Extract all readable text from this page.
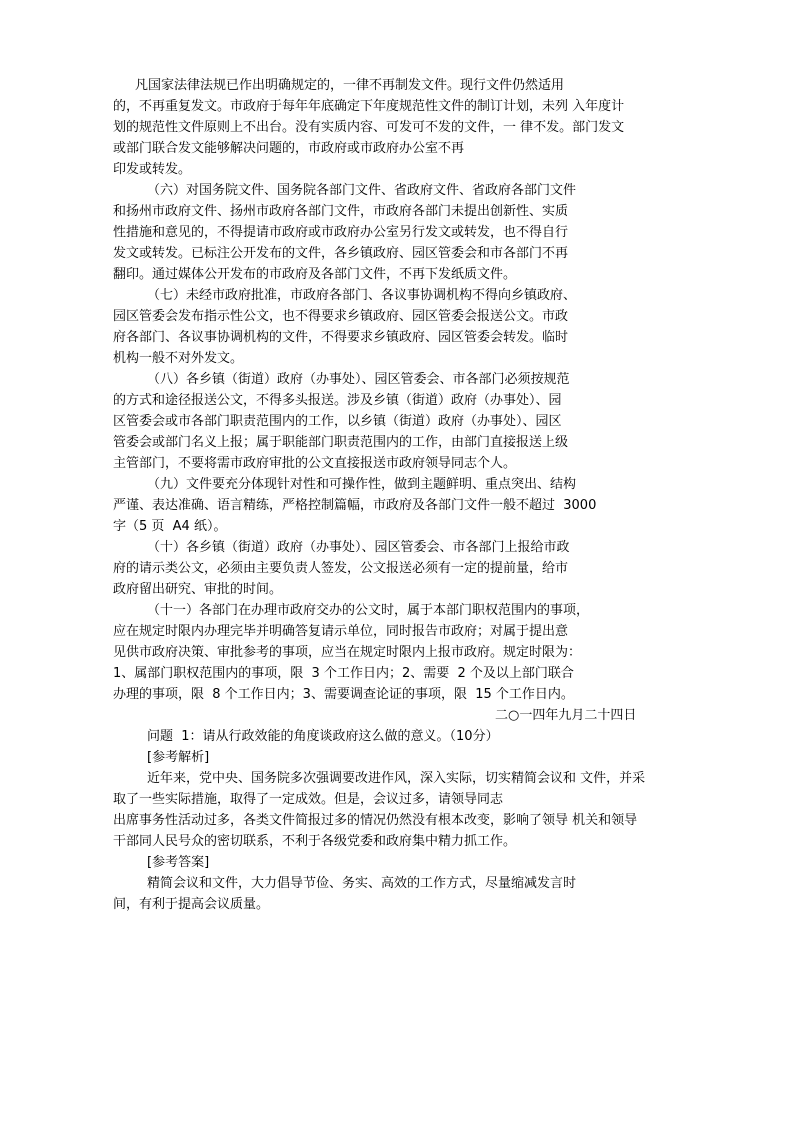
凡国家法律法规已作出明确规定的，一律不再制发文件。现行文件仍然适用
的，不再重复发文。市政府于每年年底确定下年度规范性文件的制订计划，未列 入年度计
划的规范性文件原则上不出台。没有实质内容、可发可不发的文件，一 律不发。部门发文
或部门联合发文能够解决问题的，市政府或市政府办公室不再
印发或转发。
（六）对国务院文件、国务院各部门文件、省政府文件、省政府各部门文件
和扬州市政府文件、扬州市政府各部门文件，市政府各部门未提出创新性、实质
性措施和意见的，不得提请市政府或市政府办公室另行发文或转发，也不得自行
发文或转发。已标注公开发布的文件，各乡镇政府、园区管委会和市各部门不再
翻印。通过媒体公开发布的市政府及各部门文件，不再下发纸质文件。
（七）未经市政府批准，市政府各部门、各议事协调机构不得向乡镇政府、
园区管委会发布指示性公文，也不得要求乡镇政府、园区管委会报送公文。市政
府各部门、各议事协调机构的文件，不得要求乡镇政府、园区管委会转发。临时
机构一般不对外发文。
（八）各乡镇（街道）政府（办事处）、园区管委会、市各部门必须按规范
的方式和途径报送公文，不得多头报送。涉及乡镇（街道）政府（办事处）、园
区管委会或市各部门职责范围内的工作，以乡镇（街道）政府（办事处）、园区
管委会或部门名义上报；属于职能部门职责范围内的工作，由部门直接报送上级
主管部门，不要将需市政府审批的公文直接报送市政府领导同志个人。
（九）文件要充分体现针对性和可操作性，做到主题鲜明、重点突出、结构
严谨、表达准确、语言精练，严格控制篇幅，市政府及各部门文件一般不超过  3000
字（5 页  A4 纸）。
（十）各乡镇（街道）政府（办事处）、园区管委会、市各部门上报给市政
府的请示类公文，必须由主要负责人签发，公文报送必须有一定的提前量，给市
政府留出研究、审批的时间。
（十一）各部门在办理市政府交办的公文时，属于本部门职权范围内的事项，
应在规定时限内办理完毕并明确答复请示单位，同时报告市政府；对属于提出意
见供市政府决策、审批参考的事项，应当在规定时限内上报市政府。规定时限为：
1、属部门职权范围内的事项，限  3 个工作日内；2、需要  2 个及以上部门联合
办理的事项，限  8 个工作日内；3、需要调查论证的事项，限  15 个工作日内。
二○一四年九月二十四日
问题  1：请从行政效能的角度谈政府这么做的意义。（10分）
[参考解析]
近年来，党中央、国务院多次强调要改进作风，深入实际，切实精简会议和 文件，并采
取了一些实际措施，取得了一定成效。但是，会议过多，请领导同志
出席事务性活动过多，各类文件简报过多的情况仍然没有根本改变，影响了领导 机关和领导
干部同人民号众的密切联系，不利于各级党委和政府集中精力抓工作。
[参考答案]
精简会议和文件，大力倡导节俭、务实、高效的工作方式，尽量缩减发言时
间，有利于提高会议质量。
